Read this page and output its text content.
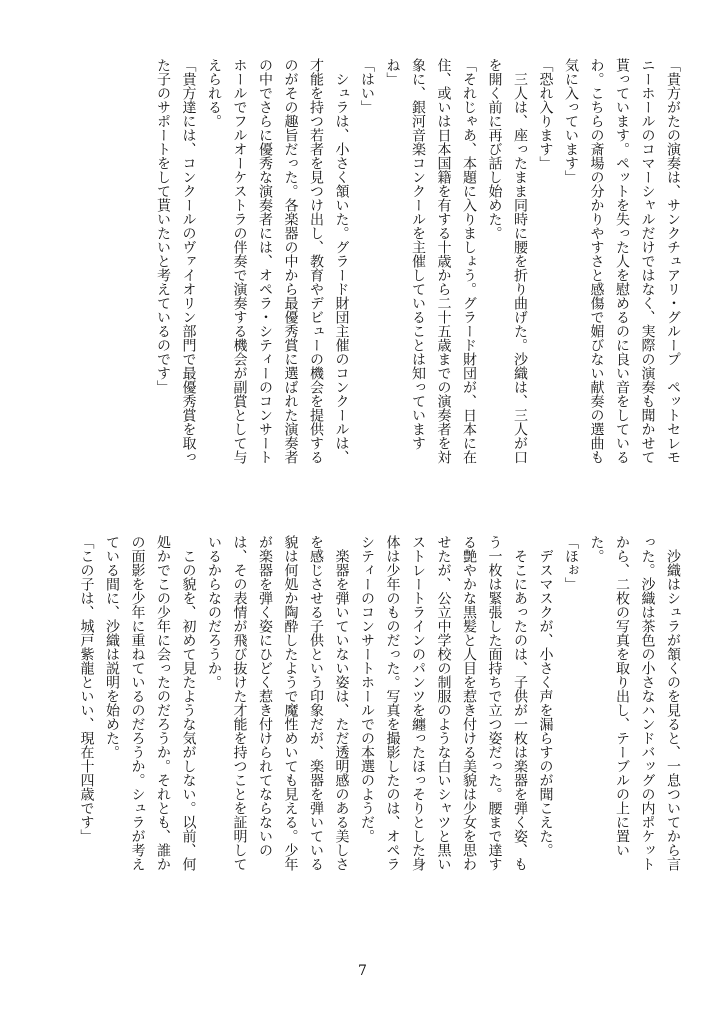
「貴方がたの演奏は、サンクチュアリ・グループ　ペットセレモニーホールのコマーシャルだけではなく、実際の演奏も聞かせて貰っています。ペットを失った人を慰めるのに良い音をしているわ。こちらの斎場の分かりやすさと感傷で媚びない献奏の選曲も気に入っています」

「恐れ入ります」

　三人は、座ったまま同時に腰を折り曲げた。沙織は、三人が口を開く前に再び話し始めた。

「それじゃあ、本題に入りましょう。グラード財団が、日本に在住、或いは日本国籍を有する十歳から二十五歳までの演奏者を対象に、銀河音楽コンクールを主催していることは知っていますね」

「はい」

　シュラは、小さく頷いた。グラード財団主催のコンクールは、才能を持つ若者を見つけ出し、教育やデビューの機会を提供するのがその趣旨だった。各楽器の中から最優秀賞に選ばれた演奏者の中でさらに優秀な演奏者には、オペラ・シティーのコンサートホールでフルオーケストラの伴奏で演奏する機会が副賞として与えられる。

「貴方達には、コンクールのヴァイオリン部門で最優秀賞を取った子のサポートをして貰いたいと考えているのです」

　沙織はシュラが頷くのを見ると、一息ついてから言った。沙織は茶色の小さなハンドバッグの内ポケットから、二枚の写真を取り出し、テーブルの上に置いた。

「ほぉ」

　デスマスクが、小さく声を漏らすのが聞こえた。

　そこにあったのは、子供が一枚は楽器を弾く姿、もう一枚は緊張した面持ちで立つ姿だった。腰まで達する艶やかな黒髪と人目を惹き付ける美貌は少女を思わせたが、公立中学校の制服のような白いシャツと黒いストレートラインのパンツを纏ったほっそりとした身体は少年のものだった。写真を撮影したのは、オペラシティーのコンサートホールでの本選のようだ。

　楽器を弾いていない姿は、ただ透明感のある美しさを感じさせる子供という印象だが、楽器を弾いている貌は何処か陶酔したようで魔性めいても見える。少年が楽器を弾く姿にひどく惹き付けられてならないのは、その表情が飛び抜けた才能を持つことを証明しているからなのだろうか。

　この貌を、初めて見たような気がしない。以前、何処かでこの少年に会ったのだろうか。それとも、誰かの面影を少年に重ねているのだろうか。シュラが考えている間に、沙織は説明を始めた。

「この子は、城戸紫龍といい、現在十四歳です」

7
